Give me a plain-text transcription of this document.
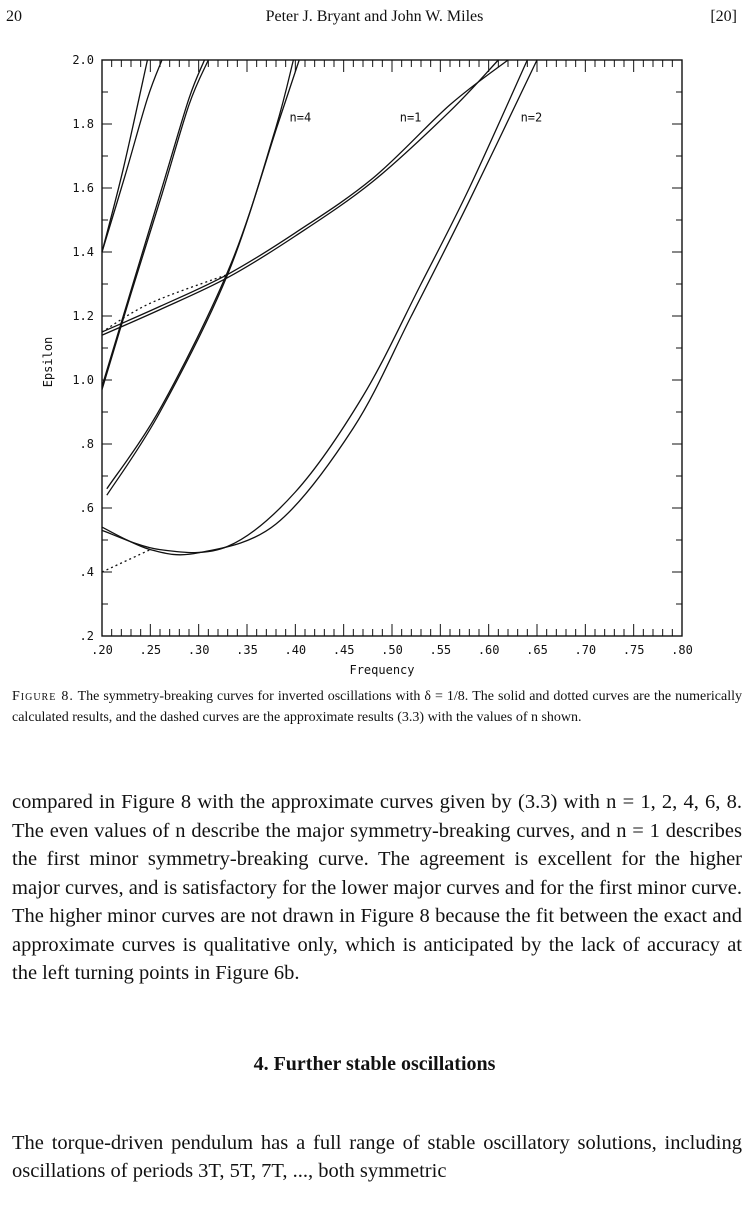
20	Peter J. Bryant and John W. Miles	[20]
.20 .25 .30 .35 .40 .45 .50 .55 .60 .65 .70 .75 .80
.2
.4
.6
.8
1.0
1.2
1.4
1.6
1.8
2.0
Frequency
Epsilon
n=4	n=1	n=2
Figure 8. The symmetry-breaking curves for inverted oscillations with δ = 1/8. The solid and dotted curves are the numerically calculated results, and the dashed curves are the approximate results (3.3) with the values of n shown.

compared in Figure 8 with the approximate curves given by (3.3) with n = 1, 2, 4, 6, 8. The even values of n describe the major symmetry-breaking curves, and n = 1 describes the first minor symmetry-breaking curve. The agreement is excellent for the higher major curves, and is satisfactory for the lower major curves and for the first minor curve. The higher minor curves are not drawn in Figure 8 because the fit between the exact and approximate curves is qualitative only, which is anticipated by the lack of accuracy at the left turning points in Figure 6b.

4. Further stable oscillations

The torque-driven pendulum has a full range of stable oscillatory solutions, including oscillations of periods 3T, 5T, 7T, ..., both symmetric
